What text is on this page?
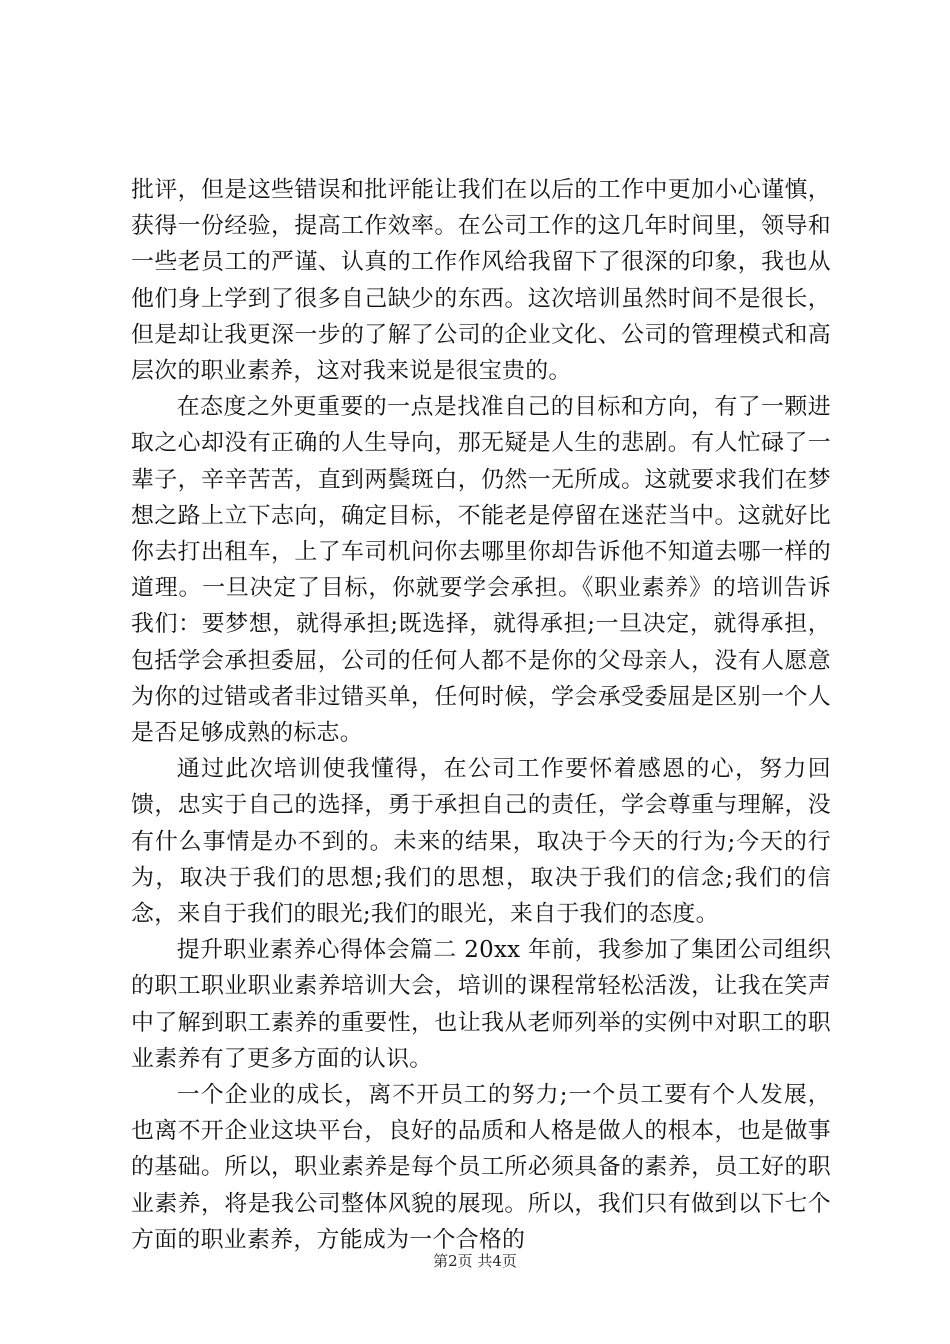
批评，但是这些错误和批评能让我们在以后的工作中更加小心谨慎，获得一份经验，提高工作效率。在公司工作的这几年时间里，领导和一些老员工的严谨、认真的工作作风给我留下了很深的印象，我也从他们身上学到了很多自己缺少的东西。这次培训虽然时间不是很长，但是却让我更深一步的了解了公司的企业文化、公司的管理模式和高层次的职业素养，这对我来说是很宝贵的。

在态度之外更重要的一点是找准自己的目标和方向，有了一颗进取之心却没有正确的人生导向，那无疑是人生的悲剧。有人忙碌了一辈子，辛辛苦苦，直到两鬓斑白，仍然一无所成。这就要求我们在梦想之路上立下志向，确定目标，不能老是停留在迷茫当中。这就好比你去打出租车，上了车司机问你去哪里你却告诉他不知道去哪一样的道理。一旦决定了目标，你就要学会承担。《职业素养》的培训告诉我们：要梦想，就得承担;既选择，就得承担;一旦决定，就得承担，包括学会承担委屈，公司的任何人都不是你的父母亲人，没有人愿意为你的过错或者非过错买单，任何时候，学会承受委屈是区别一个人是否足够成熟的标志。

通过此次培训使我懂得，在公司工作要怀着感恩的心，努力回馈，忠实于自己的选择，勇于承担自己的责任，学会尊重与理解，没有什么事情是办不到的。未来的结果，取决于今天的行为;今天的行为，取决于我们的思想;我们的思想，取决于我们的信念;我们的信念，来自于我们的眼光;我们的眼光，来自于我们的态度。

提升职业素养心得体会篇二 20xx 年前，我参加了集团公司组织的职工职业职业素养培训大会，培训的课程常轻松活泼，让我在笑声中了解到职工素养的重要性，也让我从老师列举的实例中对职工的职业素养有了更多方面的认识。

一个企业的成长，离不开员工的努力;一个员工要有个人发展，也离不开企业这块平台，良好的品质和人格是做人的根本，也是做事的基础。所以，职业素养是每个员工所必须具备的素养，员工好的职业素养，将是我公司整体风貌的展现。所以，我们只有做到以下七个方面的职业素养，方能成为一个合格的

第2页 共4页
